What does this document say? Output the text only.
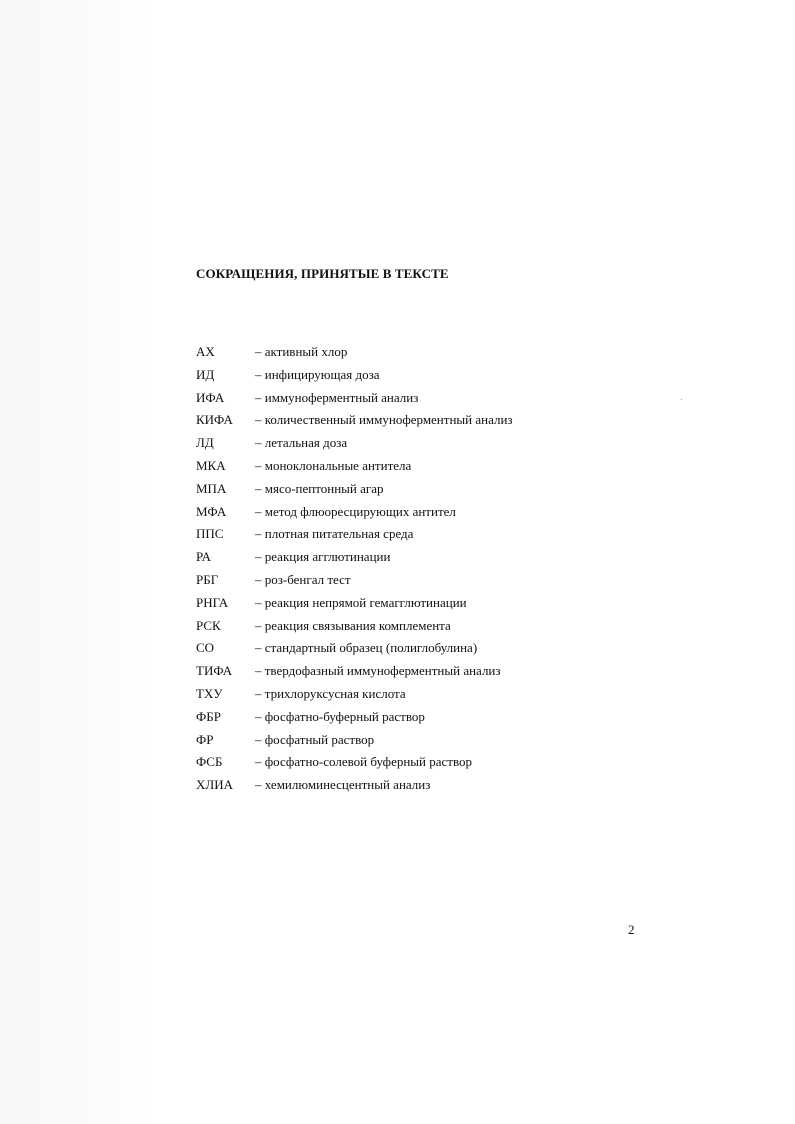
СОКРАЩЕНИЯ, ПРИНЯТЫЕ В ТЕКСТЕ
АХ	– активный хлор
ИД	– инфицирующая доза
ИФА	– иммуноферментный анализ
КИФА	– количественный иммуноферментный анализ
ЛД	– летальная доза
МКА	– моноклональные антитела
МПА	– мясо-пептонный агар
МФА	– метод флюоресцирующих антител
ППС	– плотная питательная среда
РА	– реакция агглютинации
РБГ	– роз-бенгал тест
РНГА	– реакция непрямой гемагглютинации
РСК	– реакция связывания комплемента
СО	– стандартный образец (полиглобулина)
ТИФА	– твердофазный иммуноферментный анализ
ТХУ	– трихлоруксусная кислота
ФБР	– фосфатно-буферный раствор
ФР	– фосфатный раствор
ФСБ	– фосфатно-солевой буферный раствор
ХЛИА	– хемилюминесцентный анализ
2
